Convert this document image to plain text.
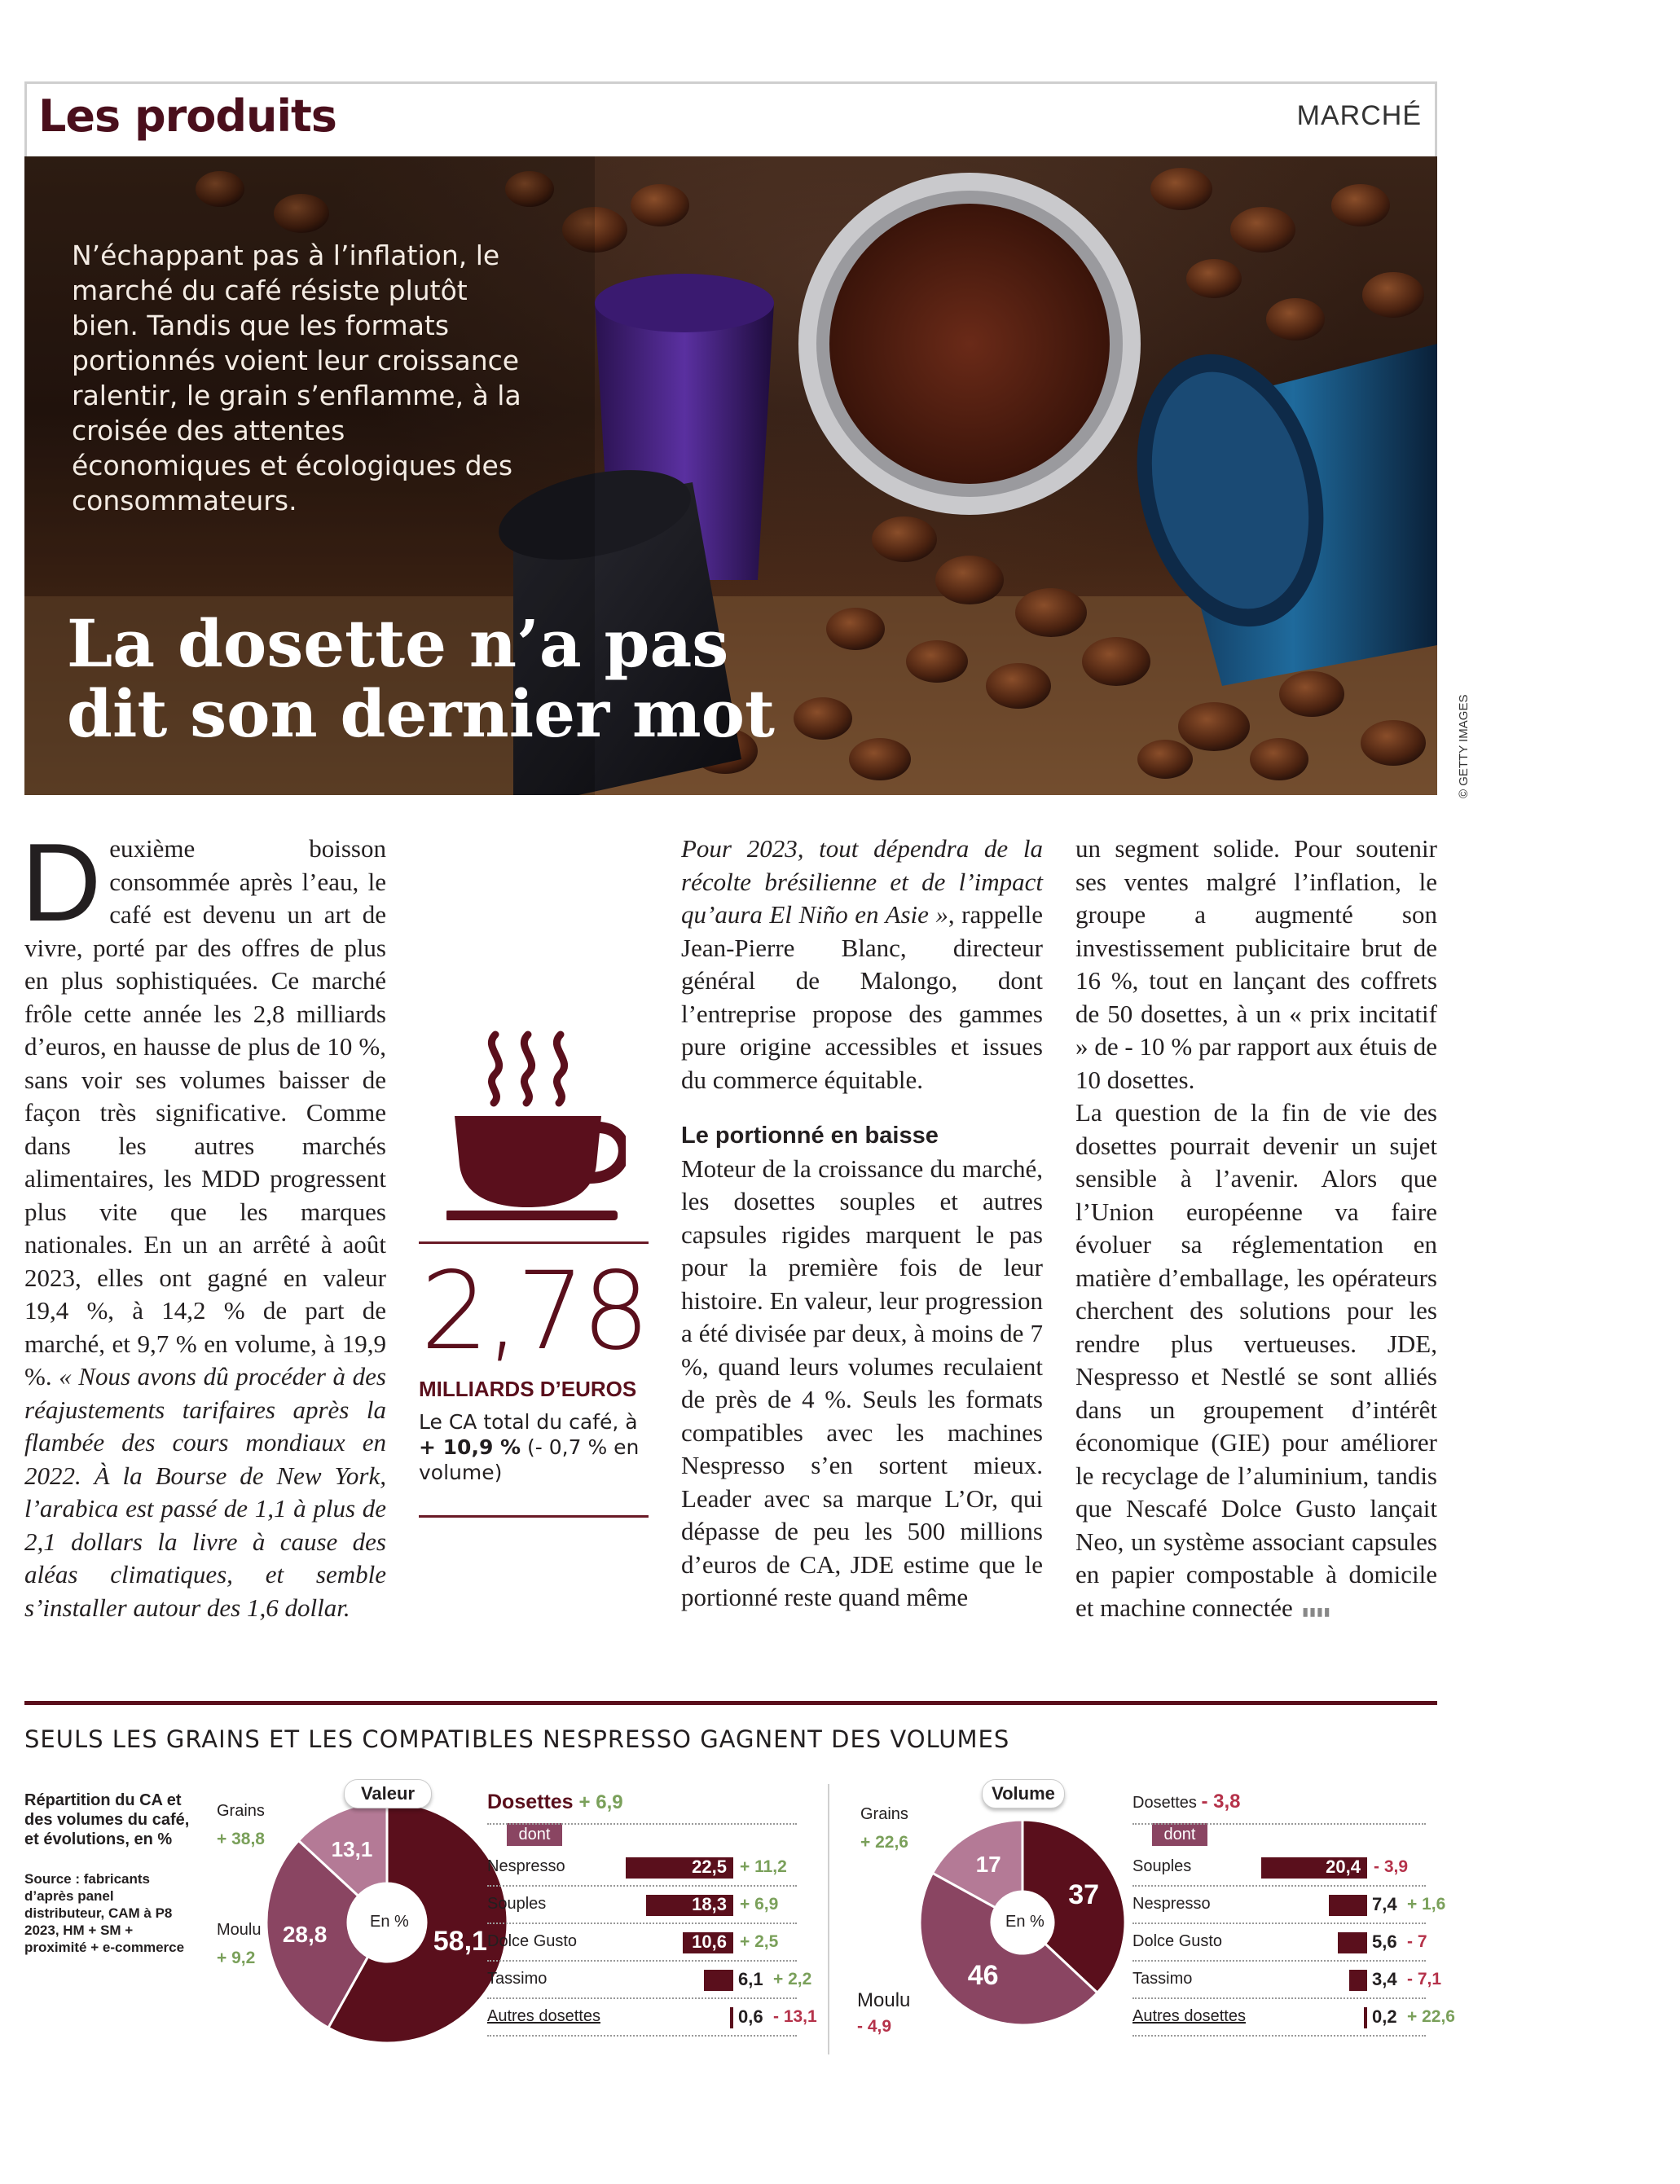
Les produits	MARCHÉ
N’échappant pas à l’inflation, le marché du café résiste plutôt bien. Tandis que les formats portionnés voient leur croissance ralentir, le grain s’enflamme, à la croisée des attentes économiques et écologiques des consommateurs.
La dosette n’a pas
dit son dernier mot	© GETTY IMAGES
D euxième boisson consommée après l’eau, le café est devenu un art de vivre, porté par des offres de plus en plus sophistiquées. Ce marché frôle cette année les 2,8 milliards d’euros, en hausse de plus de 10 %, sans voir ses volumes baisser de façon très significative. Comme dans les autres marchés alimentaires, les MDD progressent plus vite que les marques nationales. En un an arrêté à août 2023, elles ont gagné en valeur 19,4 %, à 14,2 % de part de marché, et 9,7 % en volume, à 19,9 %. « Nous avons dû procéder à des réajustements tarifaires après la flambée des cours mondiaux en 2022. À la Bourse de New York, l’arabica est passé de 1,1 à plus de 2,1 dollars la livre à cause des aléas climatiques, et semble s’installer autour des 1,6 dollar.
2,78
MILLIARDS D’EUROS
Le CA total du café, à + 10,9 % (- 0,7 % en volume)
Pour 2023, tout dépendra de la récolte brésilienne et de l’impact qu’aura El Niño en Asie », rappelle Jean-Pierre Blanc, directeur général de Malongo, dont l’entreprise propose des gammes pure origine accessibles et issues du commerce équitable.
Le portionné en baisse
Moteur de la croissance du marché, les dosettes souples et autres capsules rigides marquent le pas pour la première fois de leur histoire. En valeur, leur progression a été divisée par deux, à moins de 7 %, quand leurs volumes reculaient de près de 4 %. Seuls les formats compatibles avec les machines Nespresso s’en sortent mieux. Leader avec sa marque L’Or, qui dépasse de peu les 500 millions d’euros de CA, JDE estime que le portionné reste quand même
un segment solide. Pour soutenir ses ventes malgré l’inflation, le groupe a augmenté son investissement publicitaire brut de 16 %, tout en lançant des coffrets de 50 dosettes, à un « prix incitatif » de - 10 % par rapport aux étuis de 10 dosettes.
La question de la fin de vie des dosettes pourrait devenir un sujet sensible à l’avenir. Alors que l’Union européenne va faire évoluer sa réglementation en matière d’emballage, les opérateurs cherchent des solutions pour les rendre plus vertueuses. JDE, Nespresso et Nestlé se sont alliés dans un groupement d’intérêt économique (GIE) pour améliorer le recyclage de l’aluminium, tandis que Nescafé Dolce Gusto lançait Neo, un système associant capsules en papier compostable à domicile et machine connectée ▮▮▮▮
SEULS LES GRAINS ET LES COMPATIBLES NESPRESSO GAGNENT DES VOLUMES
Répartition du CA et des volumes du café, et évolutions, en %
Source : fabricants d’après panel distributeur, CAM à P8 2023, HM + SM + proximité + e-commerce
En %
58,1
28,8
13,1
Valeur
Grains
+ 38,8
Moulu
+ 9,2
Dosettes + 6,9
dont
Nespresso	22,5 + 11,2
Souples	18,3 + 6,9
Dolce Gusto	10,6 + 2,5
Tassimo	6,1 + 2,2
Autres dosettes	0,6 - 13,1
En %
37
46
17
Volume
Grains
+ 22,6
Moulu
- 4,9
Dosettes - 3,8
dont
Souples	20,4 - 3,9
Nespresso	7,4 + 1,6
Dolce Gusto	5,6 - 7
Tassimo	3,4 - 7,1
Autres dosettes	0,2 + 22,6
